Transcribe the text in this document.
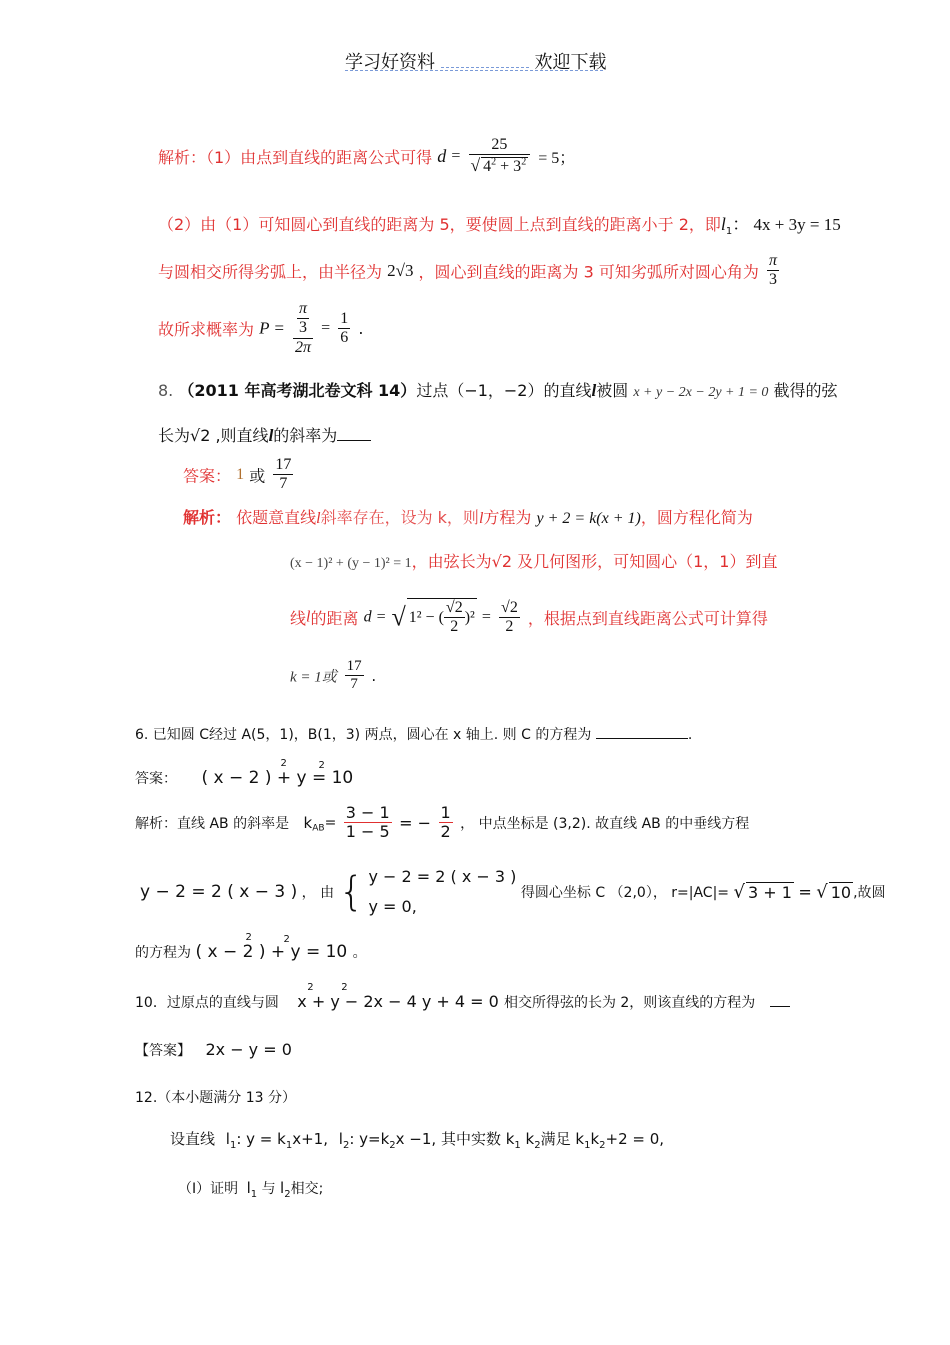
学习好资料	欢迎下载
解析：（1）由点到直线的距离公式可得 $d = \frac{25}{√ 4^2 + 3^2} = 5$；
（2）由（1）可知圆心到直线的距离为 5，要使圆上点到直线的距离小于 2，即$l_1$： 4x + 3y = 15
与圆相交所得劣弧上，由半径为 2√3 ，圆心到直线的距离为 3 可知劣弧所对圆心角为 $\frac{\pi}{3}$
故所求概率为 $P = \frac{\frac{\pi}{3}}{2\pi} = \frac{1}{6}$ .
8. （2011 年高考湖北卷文科 14）过点（−1，−2）的直线l被圆 x + y − 2x − 2y + 1 = 0 截得的弦
长为√2 ,则直线l的斜率为
答案： 1 或 $\frac{17}{7}$
解析： 依题意直线l斜率存在，设为 k，则l方程为 y + 2 = k(x + 1)，圆方程化简为
(x − 1)² + (y − 1)² = 1，由弦长为√2 及几何图形，可知圆心（1，1）到直
线l的距离 d = √ 1² − ( $\frac{√2}{2} )^2 = \frac{√2}{2}$ ，根据点到直线距离公式可计算得
k = 1或 $\frac{17}{7}$ .
6. 已知圆 C经过 A(5，1)，B(1，3) 两点，圆心在 x 轴上. 则 C 的方程为	.
答案： ( x − 2 ) + y = 10
2	2
解析：直线 AB 的斜率是 $k_{AB}= \frac{3 - 1}{1 - 5}$ = − $\frac{1}{2}$ ， 中点坐标是 (3,2). 故直线 AB 的中垂线方程
y − 2 = 2 ( x − 3 ) ， 由 { y − 2 = 2 ( x − 3 )
y = 0,
得圆心坐标 C （2,0）， r=|AC|= √ 3 + 1 = √ 10 ,故圆
的方程为 ( x − 2 ) + y = 10
2	2
。
10．过原点的直线与圆 x + y − 2x − 4 y + 4 = 0
2	2
相交所得弦的长为 2，则该直线的方程为
【答案】 2x − y = 0
12.（本小题满分 13 分）
设直线 $l_1$: $y = k_1x+1$, $l_2$: $y=k_2x -1$, 其中实数 $k_1$ $k_2$满足 $k_1k_2+2 = 0$,
（Ⅰ）证明 $l_1$ 与 $l_2$相交;
